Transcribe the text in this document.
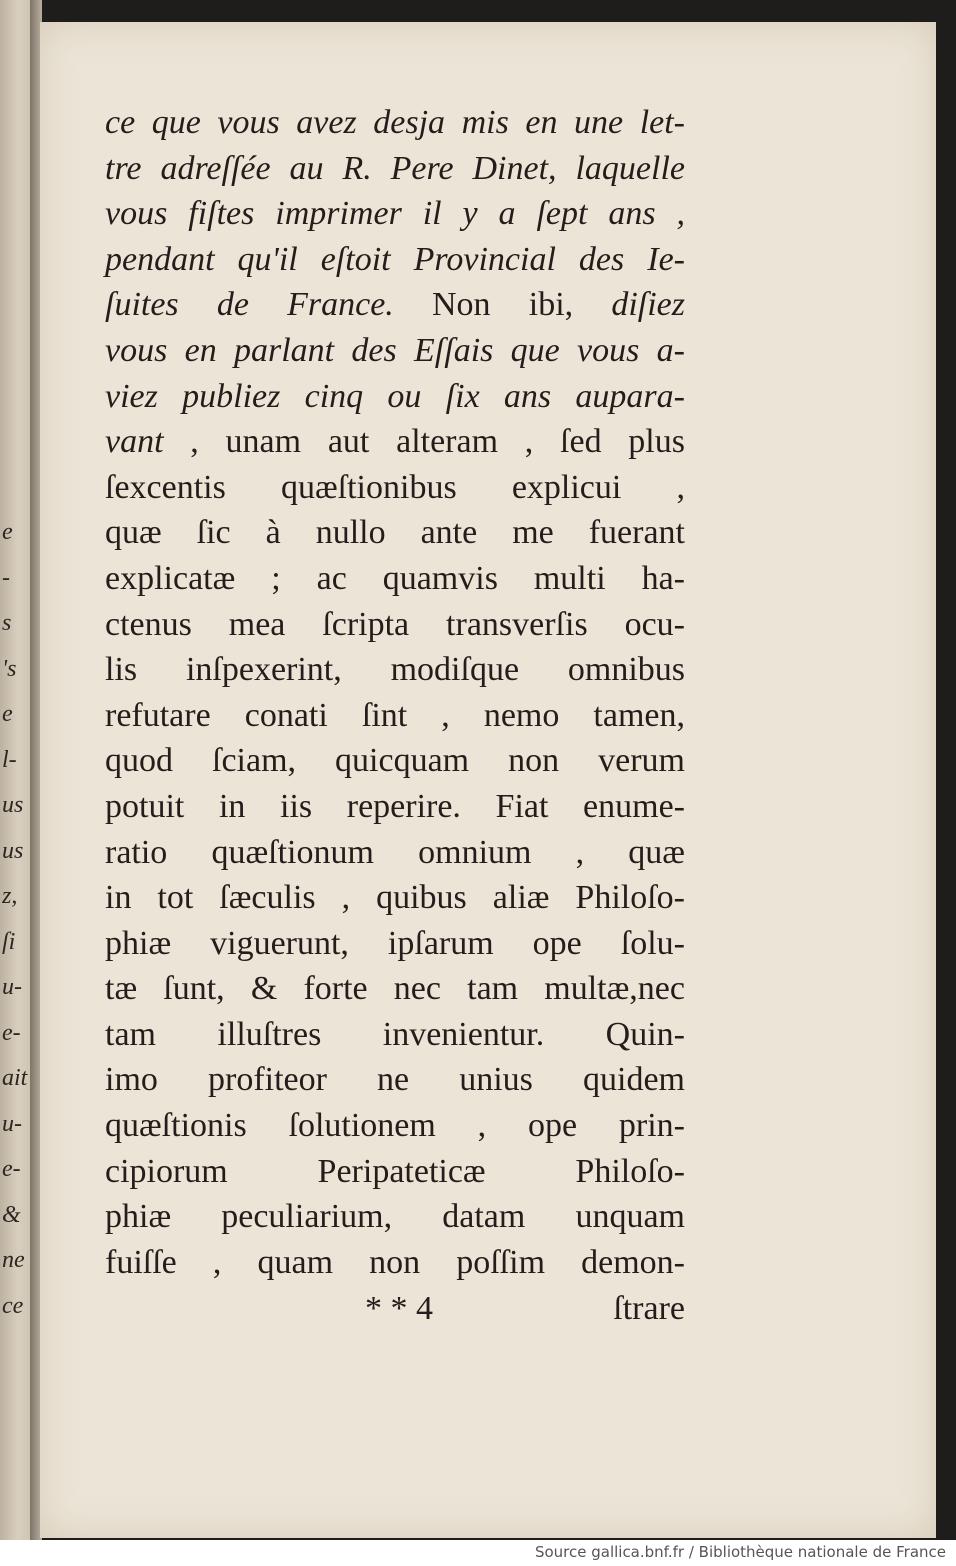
e
-
s
's
e
l-
us
us
z,
ſi
u-
e-
ait
u-
e-
&
ne
ce
ce que vous avez desja mis en une let-
tre adreſſée au R. Pere Dinet, laquelle
vous fiſtes imprimer il y a ſept ans ,
pendant qu'il eſtoit Provincial des Ie-
ſuites de France. Non ibi, diſiez
vous en parlant des Eſſais que vous a-
viez publiez cinq ou ſix ans aupara-
vant , unam aut alteram , ſed plus
ſexcentis quæſtionibus explicui ,
quæ ſic à nullo ante me fuerant
explicatæ ; ac quamvis multi ha-
ctenus mea ſcripta transverſis ocu-
lis inſpexerint, modiſque omnibus
refutare conati ſint , nemo tamen,
quod ſciam, quicquam non verum
potuit in iis reperire. Fiat enume-
ratio quæſtionum omnium , quæ
in tot ſæculis , quibus aliæ Philoſo-
phiæ viguerunt, ipſarum ope ſolu-
tæ ſunt, & forte nec tam multæ,nec
tam illuſtres invenientur. Quin-
imo profiteor ne unius quidem
quæſtionis ſolutionem , ope prin-
cipiorum Peripateticæ Philoſo-
phiæ peculiarium, datam unquam
fuiſſe , quam non poſſim demon-
* * 4	ſtrare
Source gallica.bnf.fr / Bibliothèque nationale de France
